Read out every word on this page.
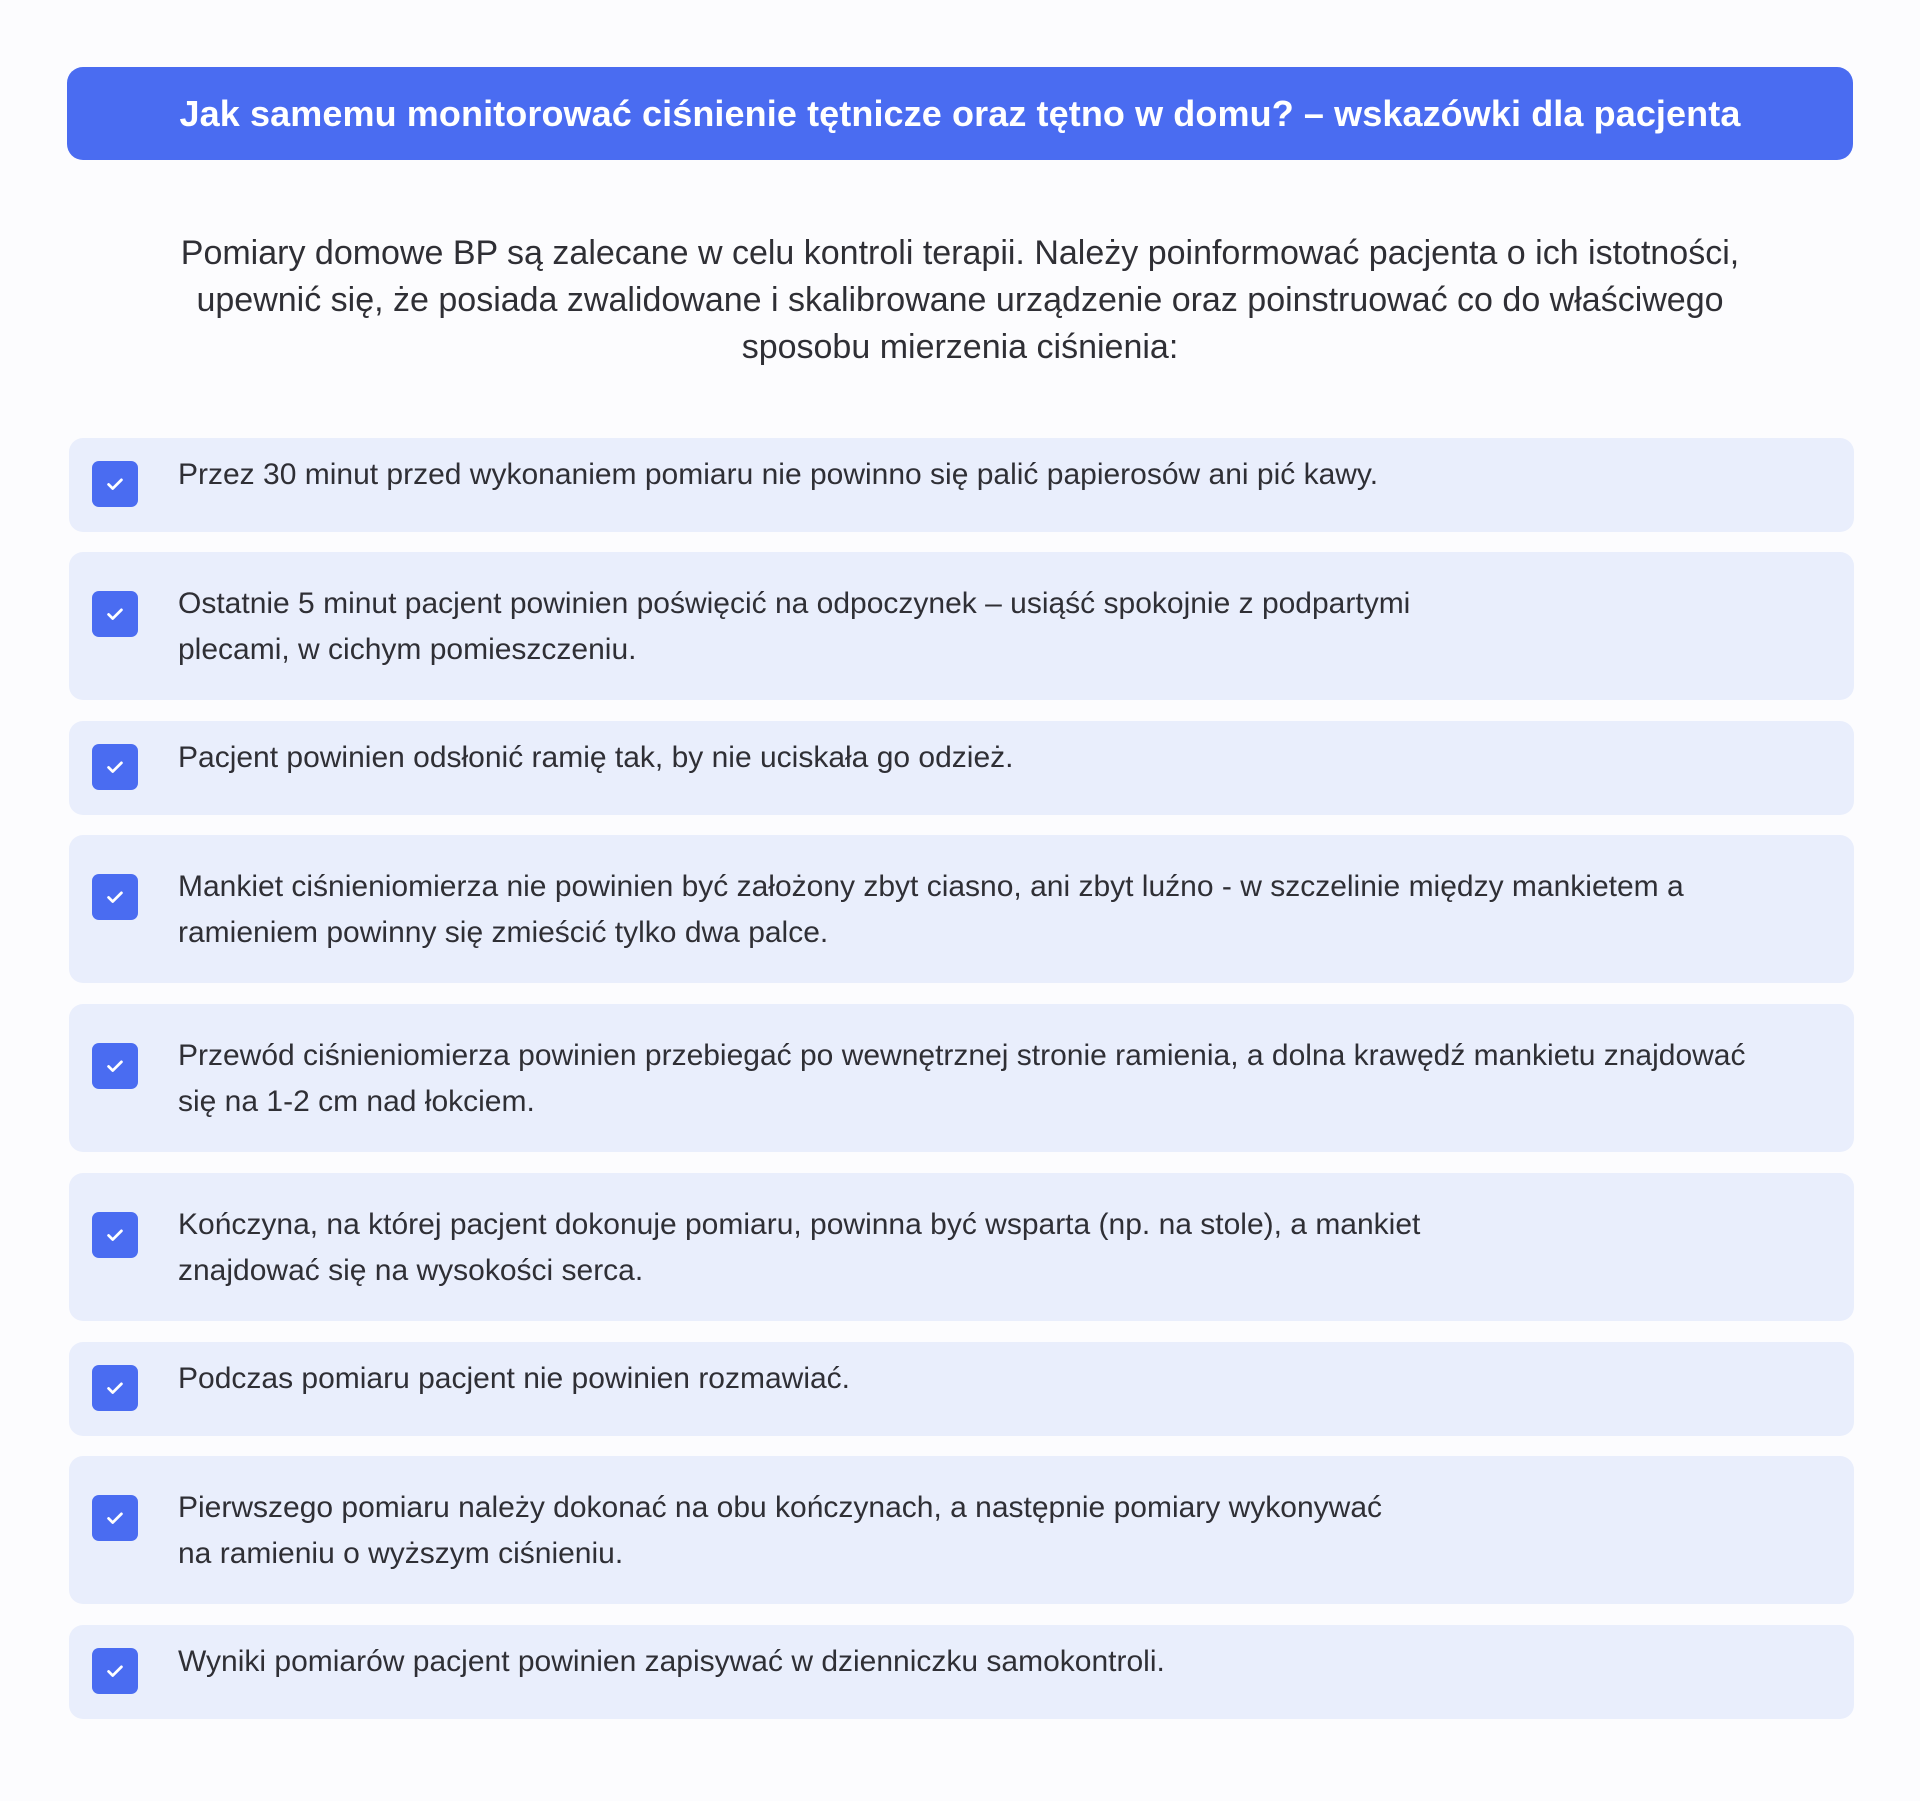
Jak samemu monitorować ciśnienie tętnicze oraz tętno w domu? – wskazówki dla pacjenta
Pomiary domowe BP są zalecane w celu kontroli terapii. Należy poinformować pacjenta o ich istotności,
upewnić się, że posiada zwalidowane i skalibrowane urządzenie oraz poinstruować co do właściwego
sposobu mierzenia ciśnienia:
Przez 30 minut przed wykonaniem pomiaru nie powinno się palić papierosów ani pić kawy.
Ostatnie 5 minut pacjent powinien poświęcić na odpoczynek – usiąść spokojnie z podpartymi
plecami, w cichym pomieszczeniu.
Pacjent powinien odsłonić ramię tak, by nie uciskała go odzież.
Mankiet ciśnieniomierza nie powinien być założony zbyt ciasno, ani zbyt luźno - w szczelinie między mankietem a
ramieniem powinny się zmieścić tylko dwa palce.
Przewód ciśnieniomierza powinien przebiegać po wewnętrznej stronie ramienia, a dolna krawędź mankietu znajdować
się na 1-2 cm nad łokciem.
Kończyna, na której pacjent dokonuje pomiaru, powinna być wsparta (np. na stole), a mankiet
znajdować się na wysokości serca.
Podczas pomiaru pacjent nie powinien rozmawiać.
Pierwszego pomiaru należy dokonać na obu kończynach, a następnie pomiary wykonywać
na ramieniu o wyższym ciśnieniu.
Wyniki pomiarów pacjent powinien zapisywać w dzienniczku samokontroli.
